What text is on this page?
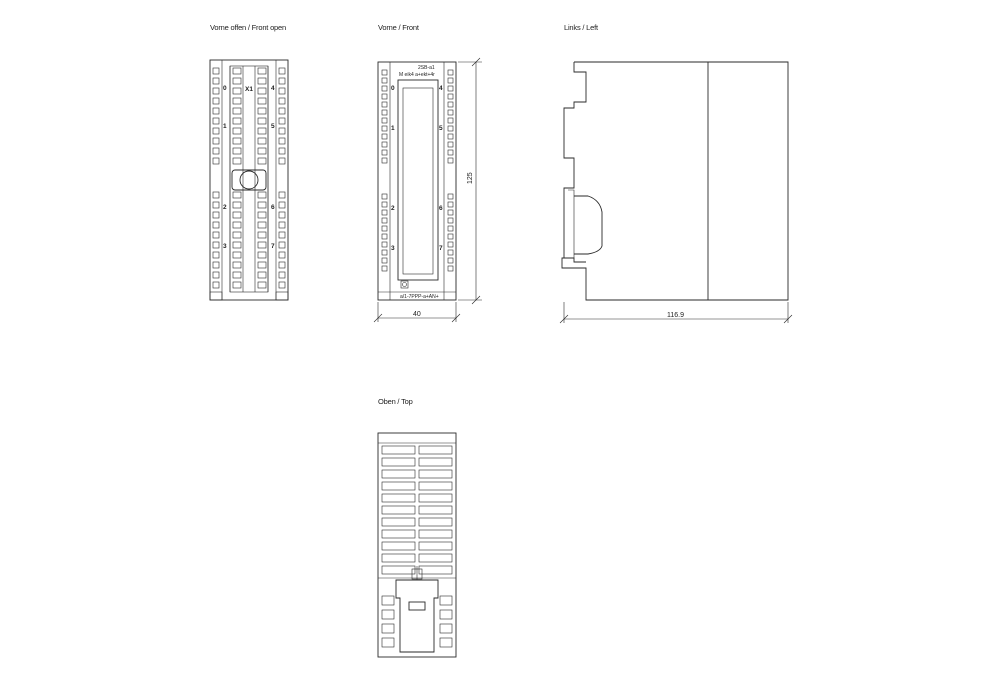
Vorne offen / Front open	Vorne / Front	Links / Left
Oben / Top
X1
0
1
2
3
4
5
6
7
2SB-a1
M eik4 a+ekt+4r
a/1-7PPP-a+AN+
0
1
2
3
4
5
6
7
125
40	116.9
